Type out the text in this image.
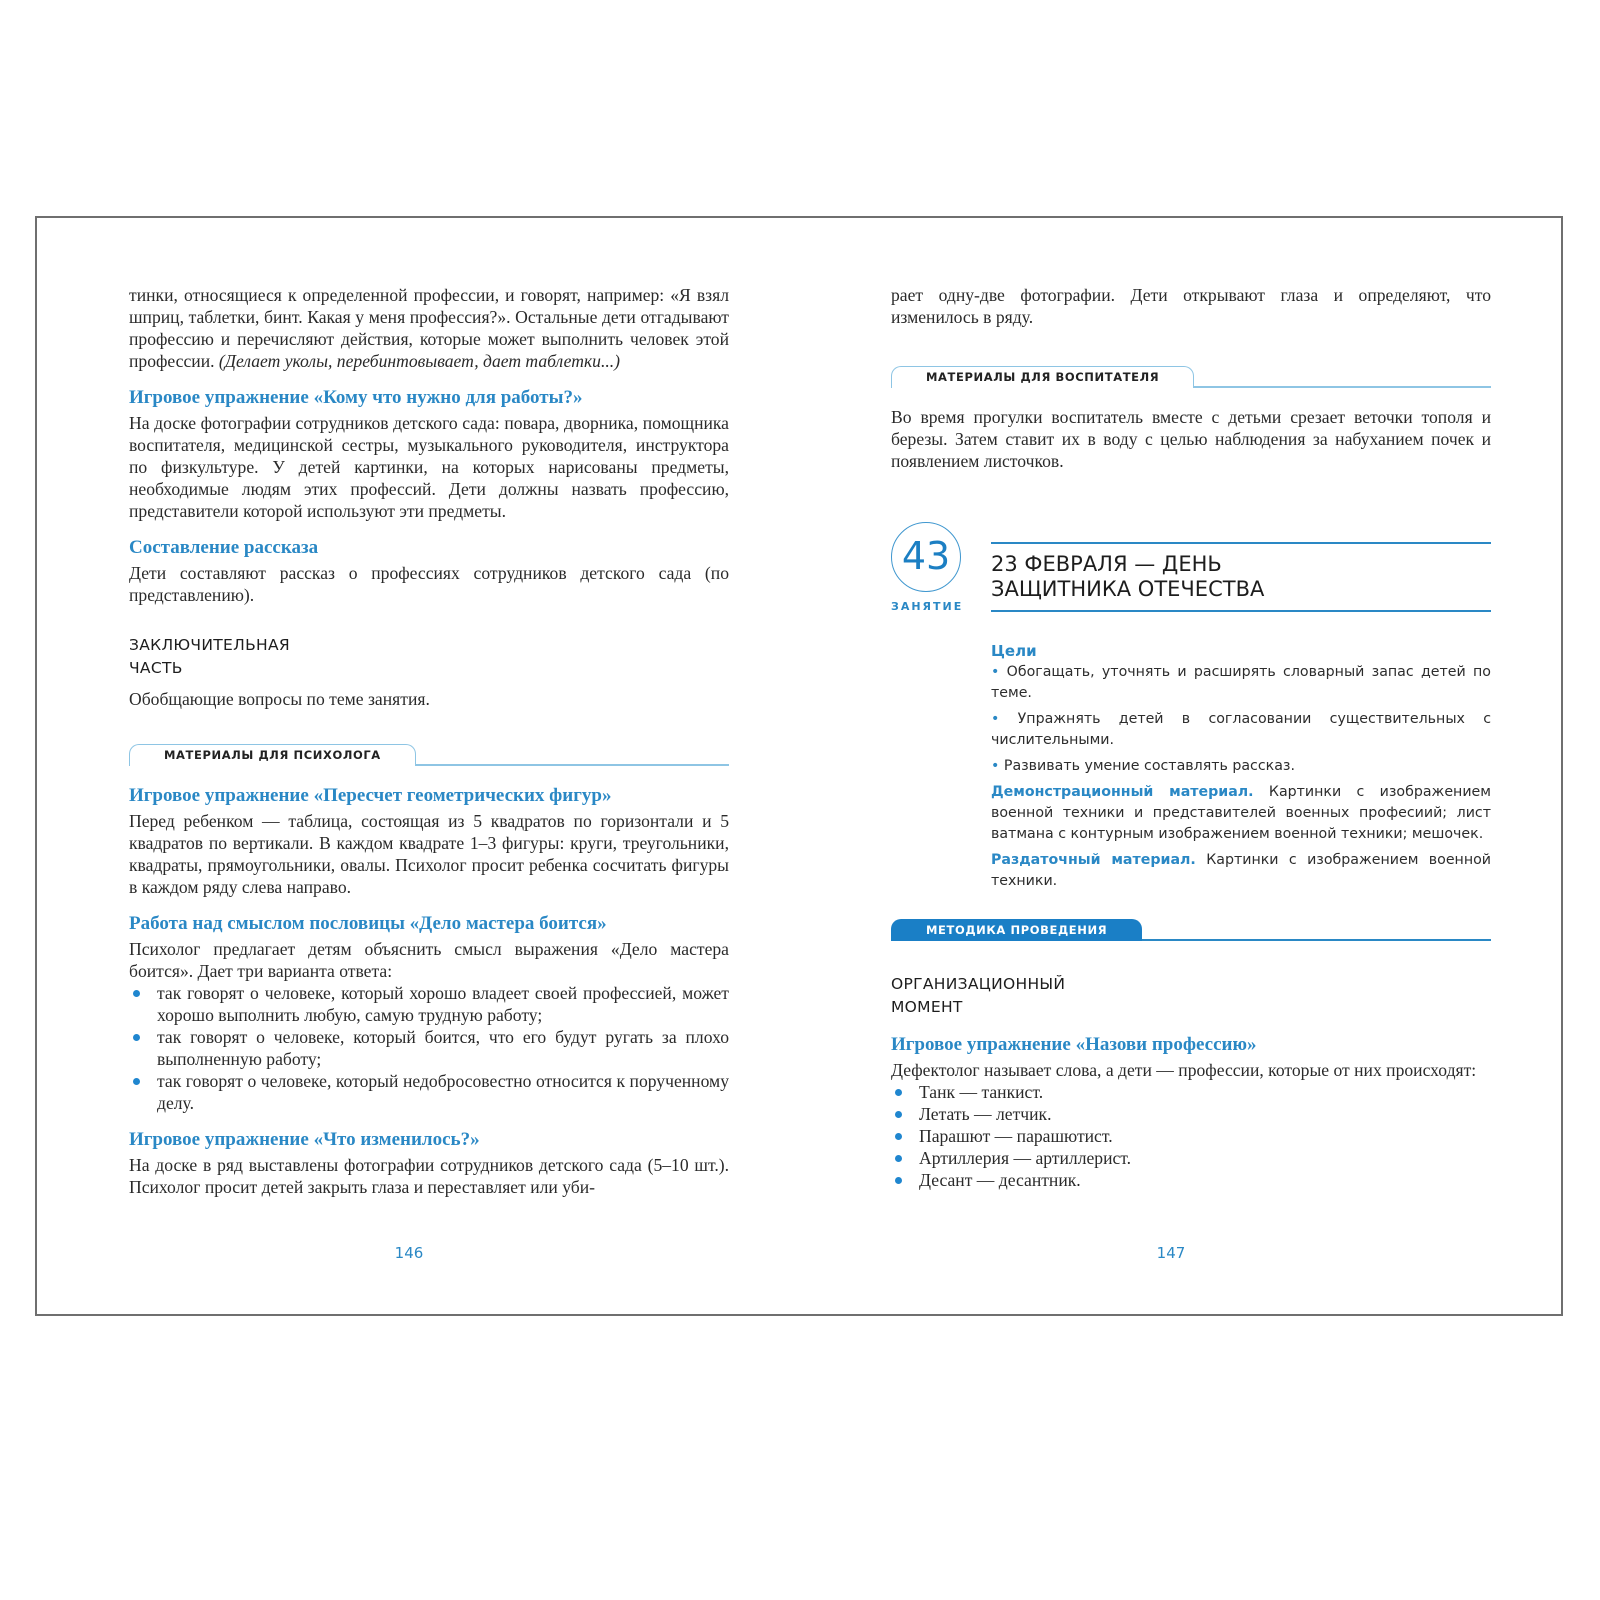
тинки, относящиеся к определенной профессии, и говорят, например: «Я взял шприц, таблетки, бинт. Какая у меня профессия?». Остальные дети отгадывают профессию и перечисляют действия, которые может выполнить человек этой профессии. (Делает уколы, перебинтовывает, дает таблетки...)

Игровое упражнение «Кому что нужно для работы?»

На доске фотографии сотрудников детского сада: повара, дворника, помощника воспитателя, медицинской сестры, музыкального руководителя, инструктора по физкультуре. У детей картинки, на которых нарисованы предметы, необходимые людям этих профессий. Дети должны назвать профессию, представители которой используют эти предметы.

Составление рассказа

Дети составляют рассказ о профессиях сотрудников детского сада (по представлению).

ЗАКЛЮЧИТЕЛЬНАЯ
ЧАСТЬ

Обобщающие вопросы по теме занятия.

МАТЕРИАЛЫ ДЛЯ ПСИХОЛОГА
Игровое упражнение «Пересчет геометрических фигур»

Перед ребенком — таблица, состоящая из 5 квадратов по горизонтали и 5 квадратов по вертикали. В каждом квадрате 1–3 фигуры: круги, треугольники, квадраты, прямоугольники, овалы. Психолог просит ребенка сосчитать фигуры в каждом ряду слева направо.

Работа над смыслом пословицы «Дело мастера боится»

Психолог предлагает детям объяснить смысл выражения «Дело мастера боится». Дает три варианта ответа:

так говорят о человеке, который хорошо владеет своей профессией, может хорошо выполнить любую, самую трудную работу;
так говорят о человеке, который боится, что его будут ругать за плохо выполненную работу;
так говорят о человеке, который недобросовестно относится к порученному делу.
Игровое упражнение «Что изменилось?»

На доске в ряд выставлены фотографии сотрудников детского сада (5–10 шт.). Психолог просит детей закрыть глаза и переставляет или уби-

146

рает одну-две фотографии. Дети открывают глаза и определяют, что изменилось в ряду.

МАТЕРИАЛЫ ДЛЯ ВОСПИТАТЕЛЯ

Во время прогулки воспитатель вместе с детьми срезает веточки тополя и березы. Затем ставит их в воду с целью наблюдения за набуханием почек и появлением листочков.

43
ЗАНЯТИЕ
23 ФЕВРАЛЯ — ДЕНЬ
ЗАЩИТНИКА ОТЕЧЕСТВА
Цели

• Обогащать, уточнять и расширять словарный запас детей по теме.

• Упражнять детей в согласовании существительных с числительными.

• Развивать умение составлять рассказ.

Демонстрационный материал. Картинки с изображением военной техники и представителей военных професиий; лист ватмана с контурным изображением военной техники; мешочек.

Раздаточный материал. Картинки с изображением военной техники.

МЕТОДИКА ПРОВЕДЕНИЯ
ОРГАНИЗАЦИОННЫЙ
МОМЕНТ
Игровое упражнение «Назови профессию»

Дефектолог называет слова, а дети — профессии, которые от них происходят:

Танк — танкист.
Летать — летчик.
Парашют — парашютист.
Артиллерия — артиллерист.
Десант — десантник.
147
